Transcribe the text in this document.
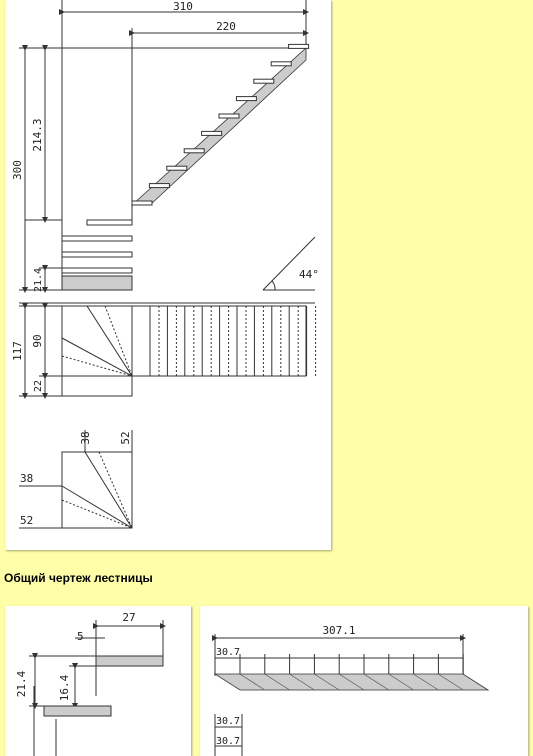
310
220
300
214.3
21.4	44°
117
90
22
38 52
38
52
Общий чертеж лестницы
27
5
21.4	16.4
307.1
30.7
30.7
30.7
